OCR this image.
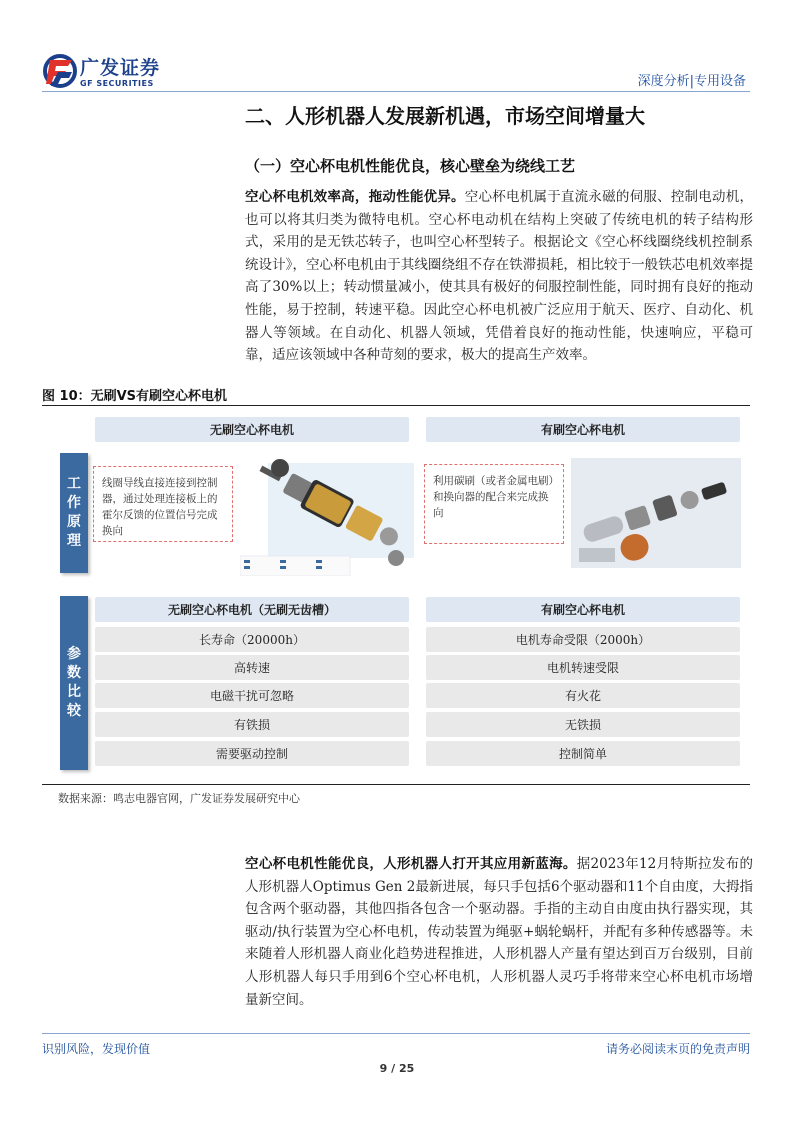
广发证券
GF SECURITIES	深度分析|专用设备
二、人形机器人发展新机遇，市场空间增量大
（一）空心杯电机性能优良，核心壁垒为绕线工艺
空心杯电机效率高，拖动性能优异。空心杯电机属于直流永磁的伺服、控制电动机，也可以将其归类为微特电机。空心杯电动机在结构上突破了传统电机的转子结构形式，采用的是无铁芯转子，也叫空心杯型转子。根据论文《空心杯线圈绕线机控制系统设计》，空心杯电机由于其线圈绕组不存在铁滞损耗，相比较于一般铁芯电机效率提高了30%以上；转动惯量减小，使其具有极好的伺服控制性能，同时拥有良好的拖动性能，易于控制，转速平稳。因此空心杯电机被广泛应用于航天、医疗、自动化、机器人等领域。在自动化、机器人领域，凭借着良好的拖动性能，快速响应，平稳可靠，适应该领域中各种苛刻的要求，极大的提高生产效率。
图 10：无刷VS有刷空心杯电机
无刷空心杯电机	有刷空心杯电机
工
作
原
理
线圈导线直接连接到控制器，通过处理连接板上的霍尔反馈的位置信号完成换向
利用碳刷（或者金属电刷）和换向器的配合来完成换向
参
数
比
较
无刷空心杯电机（无刷无齿槽）	有刷空心杯电机
长寿命（20000h）	电机寿命受限（2000h）
高转速	电机转速受限
电磁干扰可忽略	有火花
有铁损	无铁损
需要驱动控制	控制简单
数据来源：鸣志电器官网，广发证券发展研究中心
空心杯电机性能优良，人形机器人打开其应用新蓝海。据2023年12月特斯拉发布的人形机器人Optimus Gen 2最新进展，每只手包括6个驱动器和11个自由度，大拇指包含两个驱动器，其他四指各包含一个驱动器。手指的主动自由度由执行器实现，其驱动/执行装置为空心杯电机，传动装置为绳驱+蜗轮蜗杆，并配有多种传感器等。未来随着人形机器人商业化趋势进程推进，人形机器人产量有望达到百万台级别，目前人形机器人每只手用到6个空心杯电机，人形机器人灵巧手将带来空心杯电机市场增量新空间。
识别风险，发现价值	请务必阅读末页的免责声明
9 / 25
